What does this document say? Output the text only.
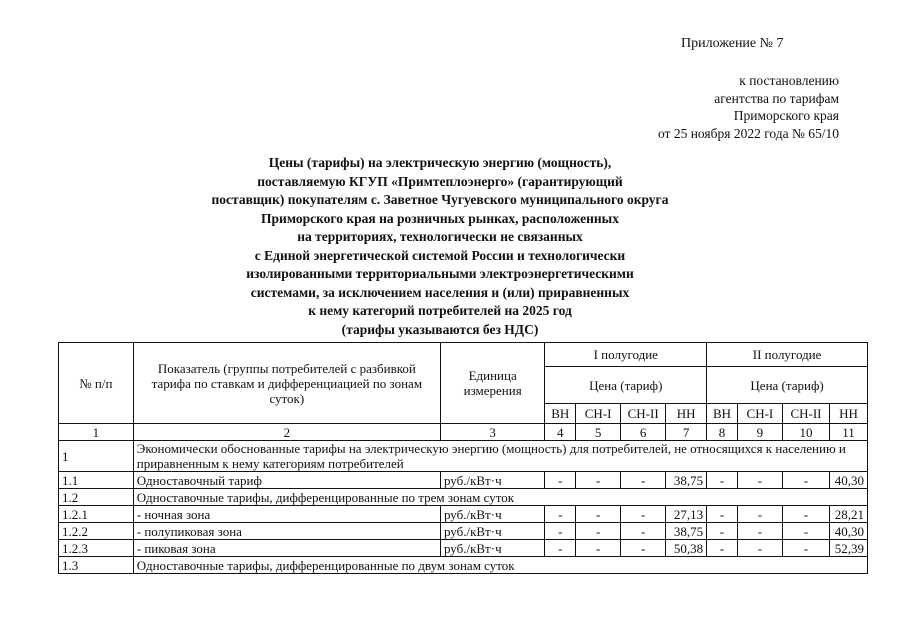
Приложение № 7
к постановлению
агентства по тарифам
Приморского края
от 25 ноября 2022 года № 65/10
Цены (тарифы) на электрическую энергию (мощность),
поставляемую КГУП «Примтеплоэнерго» (гарантирующий
поставщик) покупателям с. Заветное Чугуевского муниципального округа
Приморского края на розничных рынках, расположенных
на территориях, технологически не связанных
с Единой энергетической системой России и технологически
изолированными территориальными электроэнергетическими
системами, за исключением населения и (или) приравненных
к нему категорий потребителей на 2025 год
(тарифы указываются без НДС)
№ п/п	Показатель (группы потребителей с разбивкой тарифа по ставкам и дифференциацией по зонам суток)	Единица измерения	I полугодие				II полугодие			
			Цена (тариф)				Цена (тариф)			
			ВН	СН-I	СН-II	НН	ВН	СН-I	СН-II	НН
1	2	3	4	5	6	7	8	9	10	11
1	Экономически обоснованные тарифы на электрическую энергию (мощность) для потребителей, не относящихся к населению и приравненным к нему категориям потребителей									
1.1	Одноставочный тариф	руб./кВт·ч	-	-	-	38,75	-	-	-	40,30
1.2	Одноставочные тарифы, дифференцированные по трем зонам суток									
1.2.1	- ночная зона	руб./кВт·ч	-	-	-	27,13	-	-	-	28,21
1.2.2	- полупиковая зона	руб./кВт·ч	-	-	-	38,75	-	-	-	40,30
1.2.3	- пиковая зона	руб./кВт·ч	-	-	-	50,38	-	-	-	52,39
1.3	Одноставочные тарифы, дифференцированные по двум зонам суток									
